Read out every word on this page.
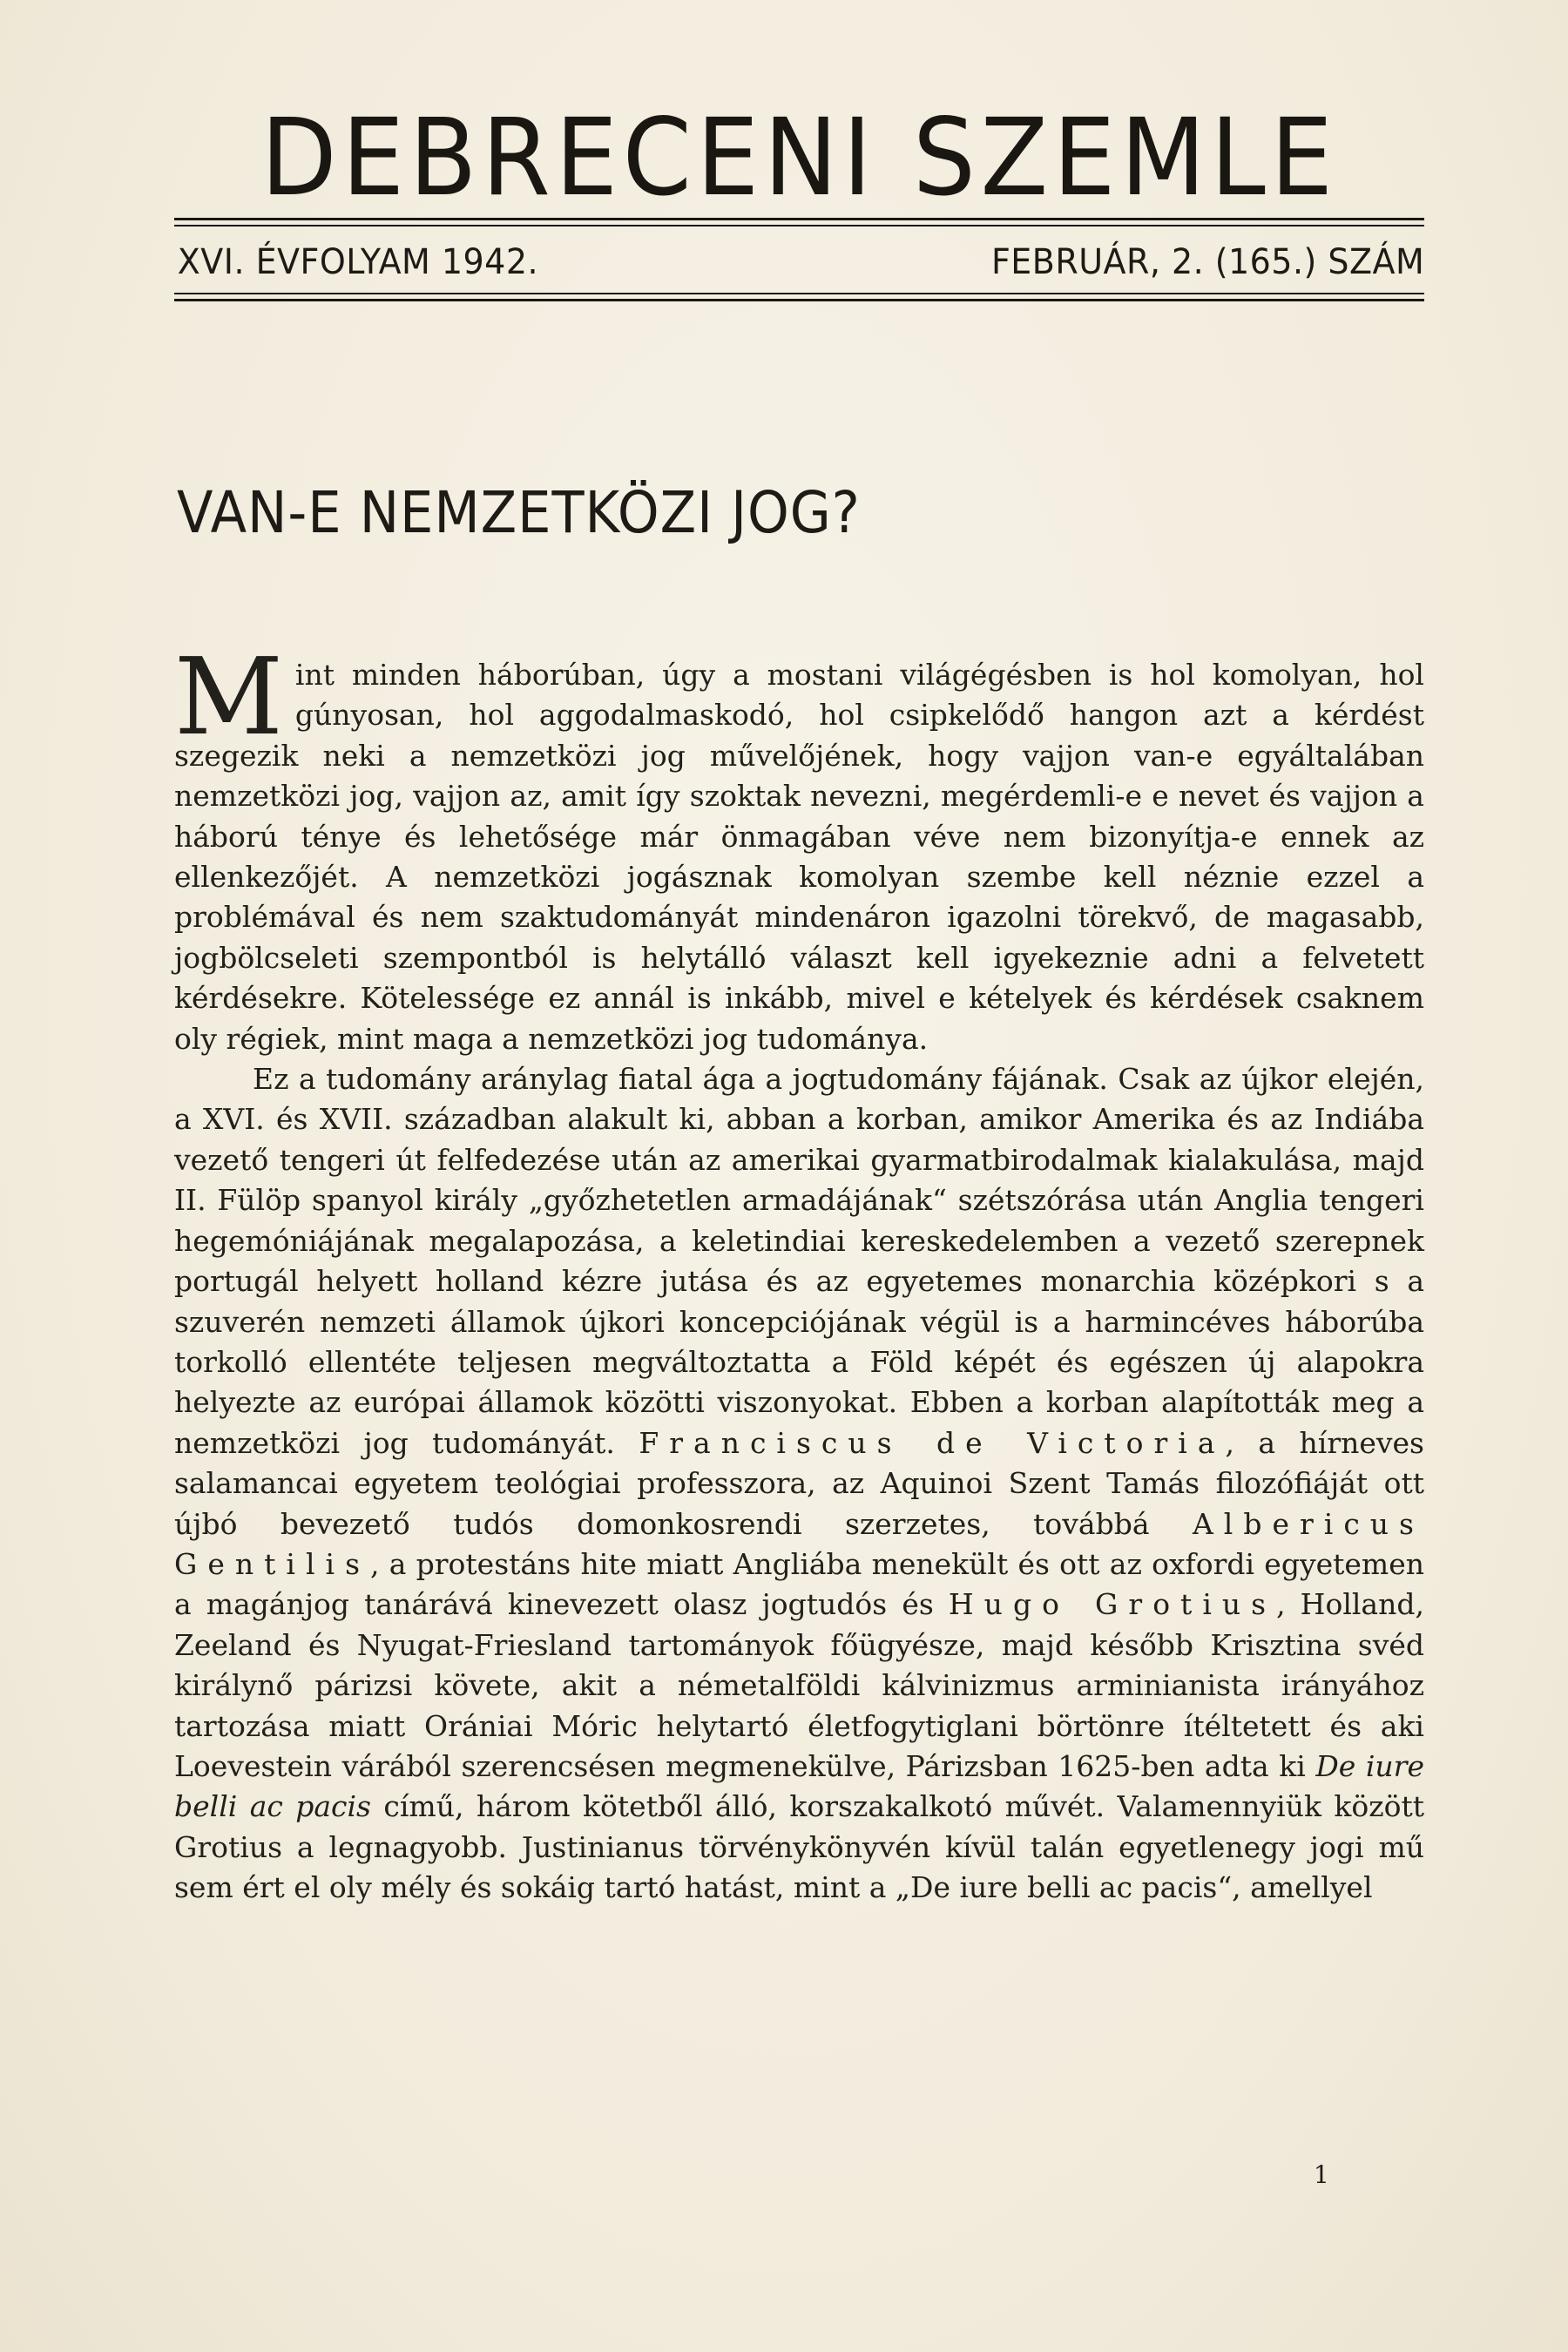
DEBRECENI SZEMLE
XVI. ÉVFOLYAM 1942.	FEBRUÁR, 2. (165.) SZÁM
VAN-E NEMZETKÖZI JOG?

Mint minden háborúban, úgy a mostani világégésben is hol komolyan, hol gúnyosan, hol aggodalmaskodó, hol csipkelődő hangon azt a kérdést szegezik neki a nemzetközi jog művelőjének, hogy vajjon van-e egyáltalában nemzetközi jog, vajjon az, amit így szoktak nevezni, megérdemli-e e nevet és vajjon a háború ténye és lehetősége már önmagában véve nem bizonyítja-e ennek az ellenkezőjét. A nemzetközi jogásznak komolyan szembe kell néznie ezzel a problémával és nem szaktudományát mindenáron igazolni törekvő, de magasabb, jogbölcseleti szempontból is helytálló választ kell igyekeznie adni a felvetett kérdésekre. Kötelessége ez annál is inkább, mivel e kételyek és kérdések csaknem oly régiek, mint maga a nemzetközi jog tudománya.

Ez a tudomány aránylag fiatal ága a jogtudomány fájának. Csak az újkor elején, a XVI. és XVII. században alakult ki, abban a korban, amikor Amerika és az Indiába vezető tengeri út felfedezése után az amerikai gyarmatbirodalmak kialakulása, majd II. Fülöp spanyol király „győzhetetlen armadájának“ szétszórása után Anglia tengeri hegemóniájának megalapozása, a keletindiai kereskedelemben a vezető szerepnek portugál helyett holland kézre jutása és az egyetemes monarchia középkori s a szuverén nemzeti államok újkori koncepciójának végül is a harmincéves háborúba torkolló ellentéte teljesen megváltoztatta a Föld képét és egészen új alapokra helyezte az európai államok közötti viszonyokat. Ebben a korban alapították meg a nemzetközi jog tudományát. Franciscus de Victoria, a hírneves salamancai egyetem teológiai professzora, az Aquinoi Szent Tamás filozófiáját ott újbó bevezető tudós domonkosrendi szerzetes, továbbá Albericus Gentilis, a protestáns hite miatt Angliába menekült és ott az oxfordi egyetemen a magánjog tanárává kinevezett olasz jogtudós és Hugo Grotius, Holland, Zeeland és Nyugat-Friesland tartományok főügyésze, majd később Krisztina svéd királynő párizsi követe, akit a németalföldi kálvinizmus arminianista irányához tartozása miatt Orániai Móric helytartó életfogytiglani börtönre ítéltetett és aki Loevestein várából szerencsésen megmenekülve, Párizsban 1625-ben adta ki De iure belli ac pacis című, három kötetből álló, korszakalkotó művét. Valamennyiük között Grotius a legnagyobb. Justinianus törvénykönyvén kívül talán egyetlenegy jogi mű sem ért el oly mély és sokáig tartó hatást, mint a „De iure belli ac pacis“, amellyel

1
